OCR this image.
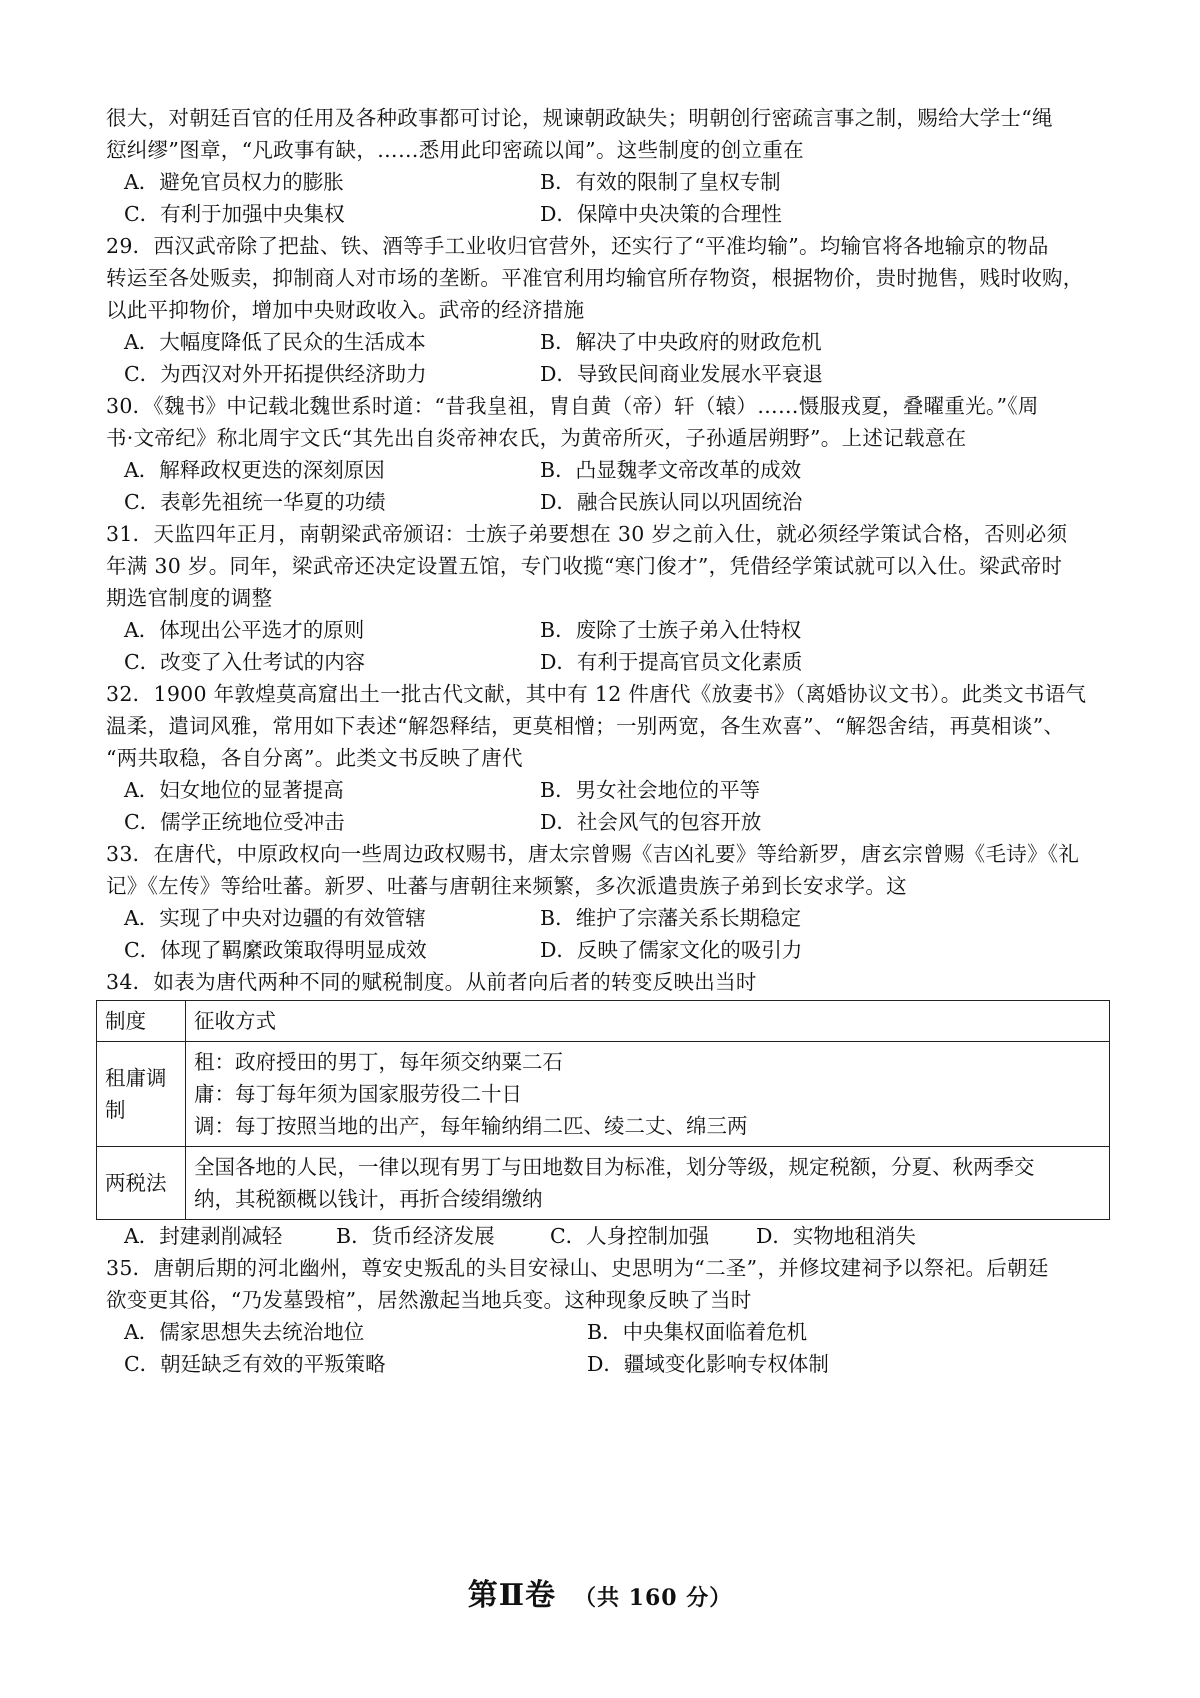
很大，对朝廷百官的任用及各种政事都可讨论，规谏朝政缺失；明朝创行密疏言事之制，赐给大学士“绳
愆纠缪”图章，“凡政事有缺，……悉用此印密疏以闻”。这些制度的创立重在
A．避免官员权力的膨胀	B．有效的限制了皇权专制
C．有利于加强中央集权	D．保障中央决策的合理性
29．西汉武帝除了把盐、铁、酒等手工业收归官营外，还实行了“平准均输”。均输官将各地输京的物品
转运至各处贩卖，抑制商人对市场的垄断。平准官利用均输官所存物资，根据物价，贵时抛售，贱时收购，
以此平抑物价，增加中央财政收入。武帝的经济措施
A．大幅度降低了民众的生活成本	B．解决了中央政府的财政危机
C．为西汉对外开拓提供经济助力	D．导致民间商业发展水平衰退
30．《魏书》中记载北魏世系时道：“昔我皇祖，胄自黄（帝）轩（辕）……慑服戎夏，叠曜重光。”《周
书·文帝纪》称北周宇文氏“其先出自炎帝神农氏，为黄帝所灭，子孙遁居朔野”。上述记载意在
A．解释政权更迭的深刻原因	B．凸显魏孝文帝改革的成效
C．表彰先祖统一华夏的功绩	D．融合民族认同以巩固统治
31．天监四年正月，南朝梁武帝颁诏：士族子弟要想在 30 岁之前入仕，就必须经学策试合格，否则必须
年满 30 岁。同年，梁武帝还决定设置五馆，专门收揽“寒门俊才”，凭借经学策试就可以入仕。梁武帝时
期选官制度的调整
A．体现出公平选才的原则	B．废除了士族子弟入仕特权
C．改变了入仕考试的内容	D．有利于提高官员文化素质
32．1900 年敦煌莫高窟出土一批古代文献，其中有 12 件唐代《放妻书》（离婚协议文书）。此类文书语气
温柔，遣词风雅，常用如下表述“解怨释结，更莫相憎；一别两宽，各生欢喜”、“解怨舍结，再莫相谈”、
“两共取稳，各自分离”。此类文书反映了唐代
A．妇女地位的显著提高	B．男女社会地位的平等
C．儒学正统地位受冲击	D．社会风气的包容开放
33．在唐代，中原政权向一些周边政权赐书，唐太宗曾赐《吉凶礼要》等给新罗，唐玄宗曾赐《毛诗》《礼
记》《左传》等给吐蕃。新罗、吐蕃与唐朝往来频繁，多次派遣贵族子弟到长安求学。这
A．实现了中央对边疆的有效管辖	B．维护了宗藩关系长期稳定
C．体现了羁縻政策取得明显成效	D．反映了儒家文化的吸引力
34．如表为唐代两种不同的赋税制度。从前者向后者的转变反映出当时
制度	征收方式
租庸调制	租：政府授田的男丁，每年须交纳粟二石
庸：每丁每年须为国家服劳役二十日
调：每丁按照当地的出产，每年输纳绢二匹、绫二丈、绵三两

两税法	全国各地的人民，一律以现有男丁与田地数目为标准，划分等级，规定税额，分夏、秋两季交
纳，其税额概以钱计，再折合绫绢缴纳
A．封建剥削减轻	B．货币经济发展	C．人身控制加强	D．实物地租消失
35．唐朝后期的河北幽州，尊安史叛乱的头目安禄山、史思明为“二圣”，并修坟建祠予以祭祀。后朝廷
欲变更其俗，“乃发墓毁棺”，居然激起当地兵变。这种现象反映了当时
A．儒家思想失去统治地位	B．中央集权面临着危机
C．朝廷缺乏有效的平叛策略	D．疆域变化影响专权体制
第Ⅱ卷 （共 160 分）
